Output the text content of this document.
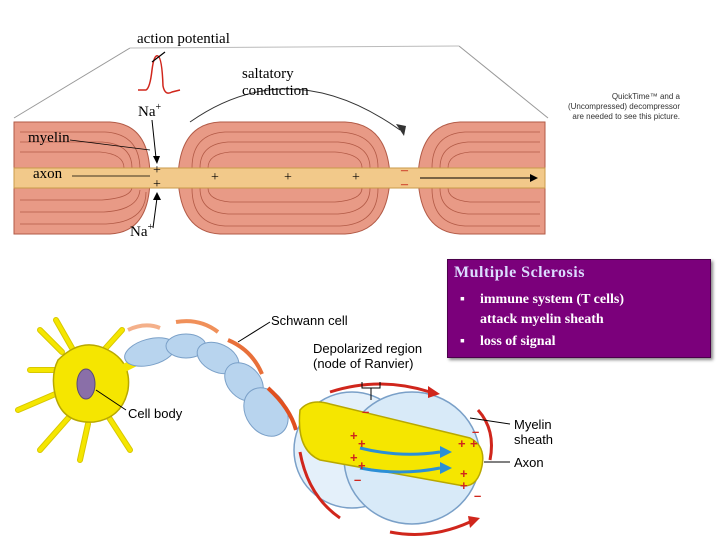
+
+	+	+	+	–
–
action potential
saltatory
conduction
Na+
Na+
myelin
axon
QuickTime™ and a
(Uncompressed) decompressor
are needed to see this picture.
Multiple Sclerosis
▪ immune system (T cells)
attack myelin sheath
▪ loss of signal
+
+
+
+
–
–
+ +
+
+
–
–
Schwann cell
Depolarized region
(node of Ranvier)
Cell body
Myelin
sheath
Axon
